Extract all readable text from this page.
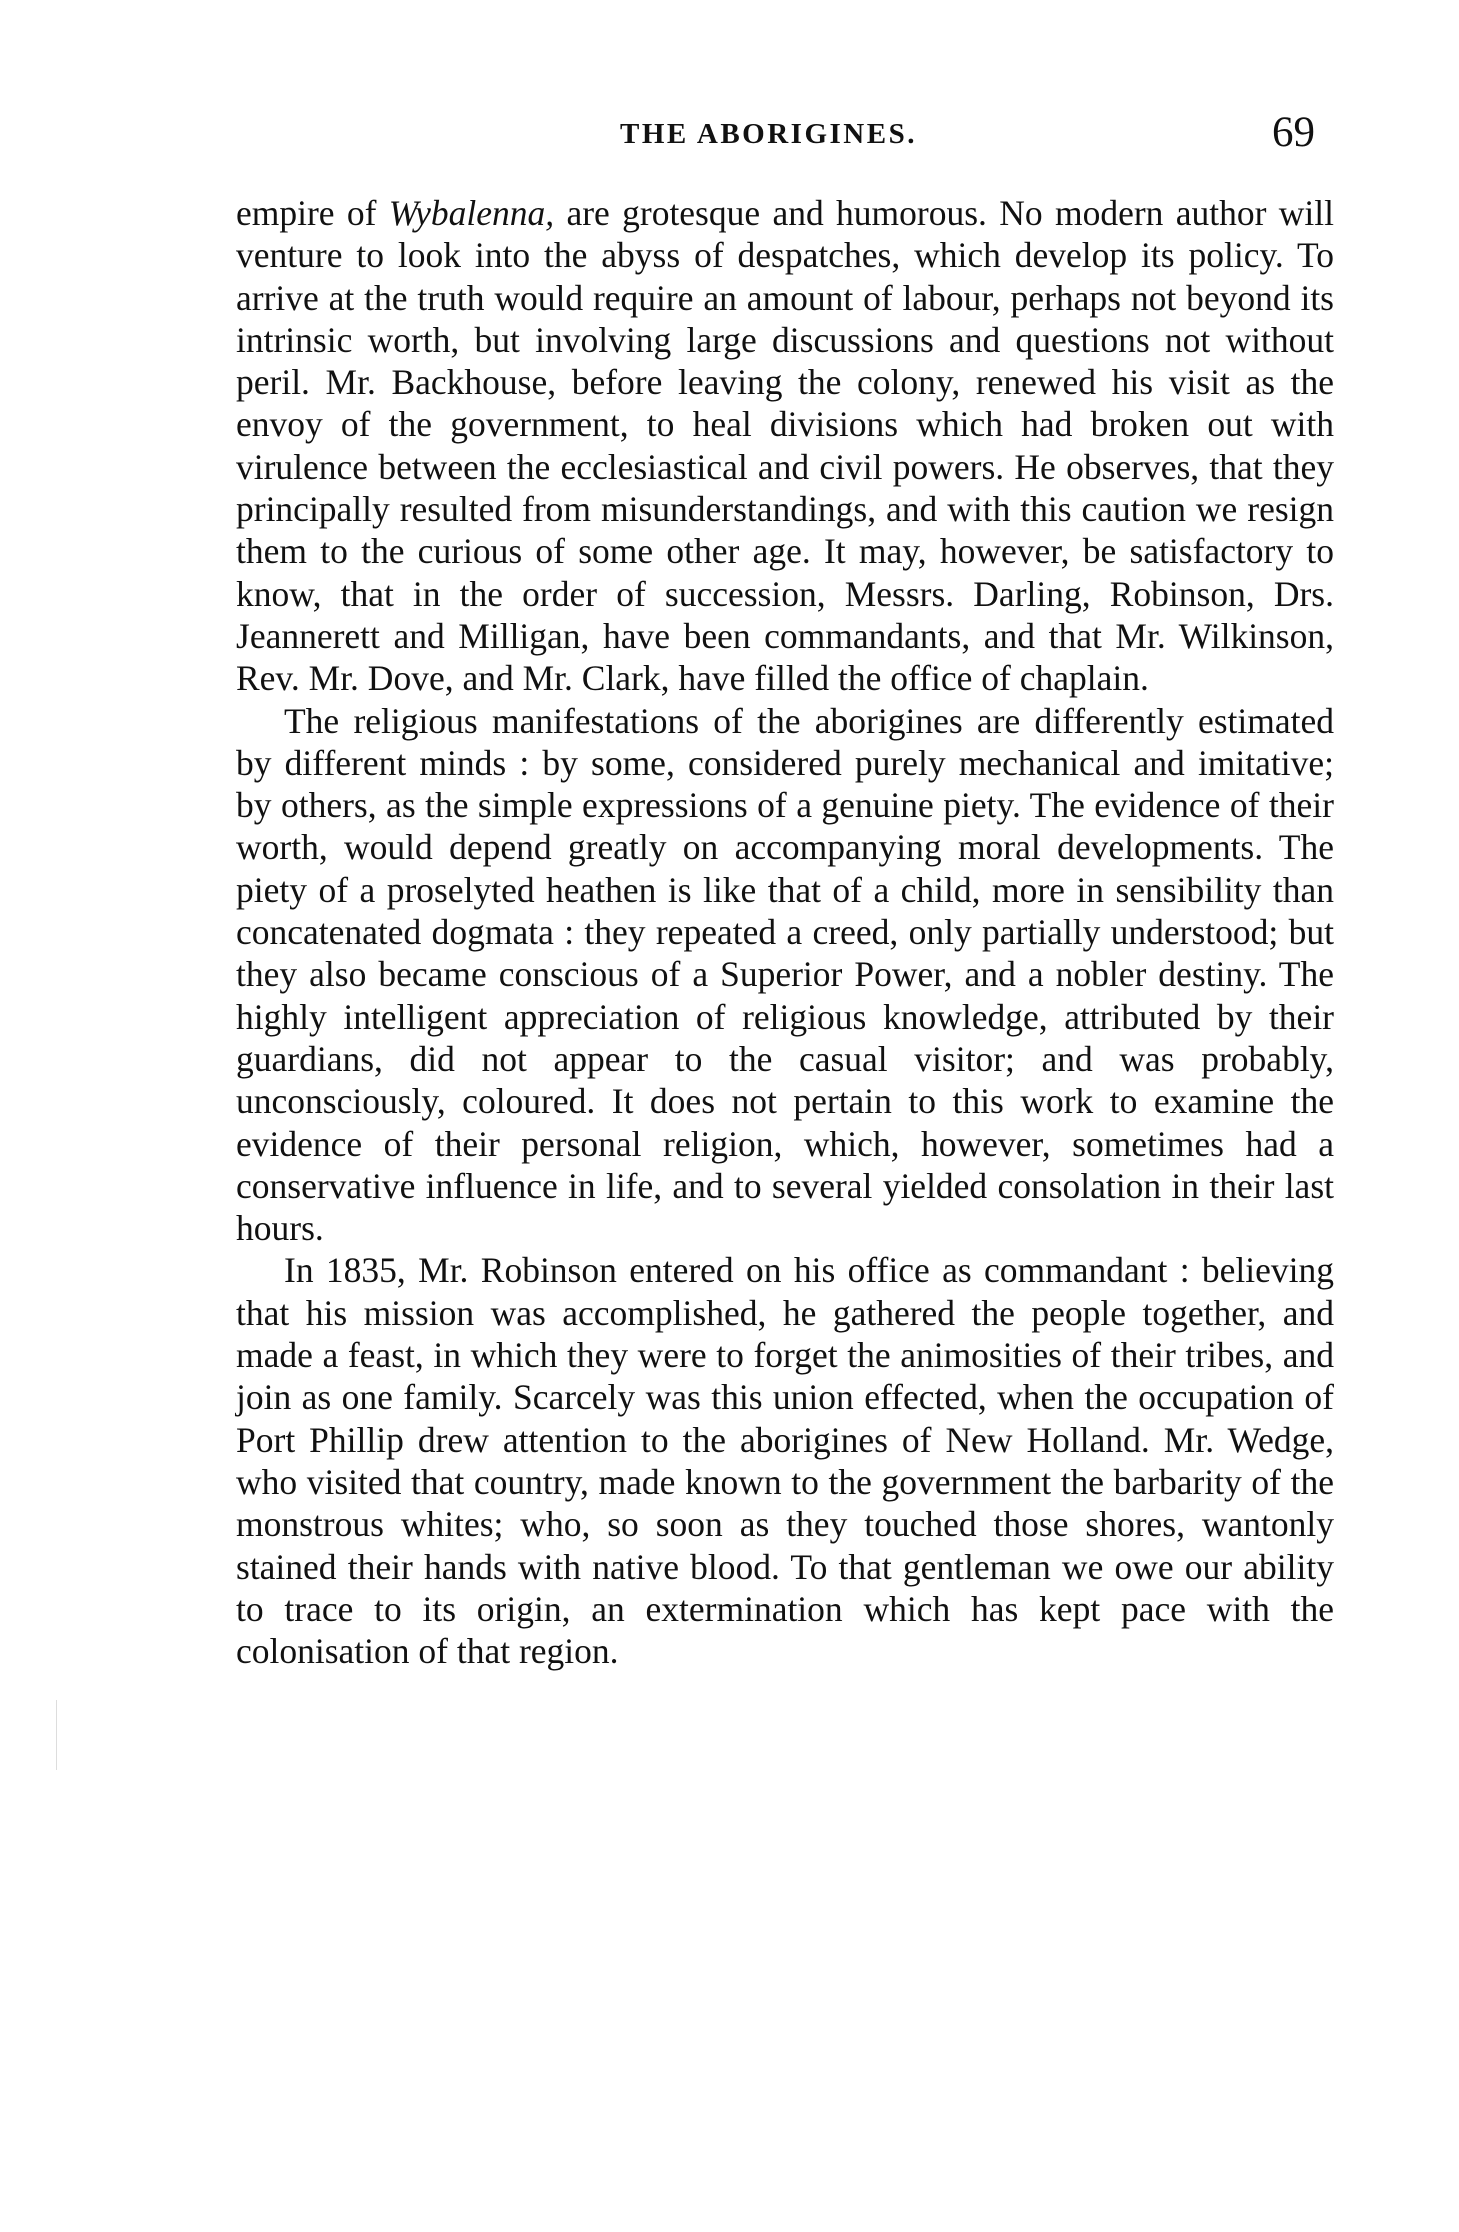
THE ABORIGINES.	69

empire of Wybalenna, are grotesque and humorous. No modern author will venture to look into the abyss of despatches, which develop its policy. To arrive at the truth would require an amount of labour, perhaps not beyond its intrinsic worth, but involving large discussions and questions not without peril. Mr. Backhouse, before leaving the colony, renewed his visit as the envoy of the government, to heal divisions which had broken out with virulence between the ecclesiastical and civil powers. He observes, that they principally resulted from misunderstandings, and with this caution we resign them to the curious of some other age. It may, however, be satisfactory to know, that in the order of succession, Messrs. Darling, Robinson, Drs. Jeannerett and Milligan, have been commandants, and that Mr. Wilkinson, Rev. Mr. Dove, and Mr. Clark, have filled the office of chaplain.

The religious manifestations of the aborigines are differently estimated by different minds : by some, considered purely mechanical and imitative; by others, as the simple expressions of a genuine piety. The evidence of their worth, would depend greatly on accompanying moral developments. The piety of a proselyted heathen is like that of a child, more in sensibility than concatenated dogmata : they repeated a creed, only partially understood; but they also became conscious of a Superior Power, and a nobler destiny. The highly intelligent appreciation of religious knowledge, attributed by their guardians, did not appear to the casual visitor; and was probably, unconsciously, coloured. It does not pertain to this work to examine the evidence of their personal religion, which, however, sometimes had a conservative influence in life, and to several yielded consolation in their last hours.

In 1835, Mr. Robinson entered on his office as commandant : believing that his mission was accomplished, he gathered the people together, and made a feast, in which they were to forget the animosities of their tribes, and join as one family. Scarcely was this union effected, when the occupation of Port Phillip drew attention to the aborigines of New Holland. Mr. Wedge, who visited that country, made known to the government the barbarity of the monstrous whites; who, so soon as they touched those shores, wantonly stained their hands with native blood. To that gentleman we owe our ability to trace to its origin, an extermination which has kept pace with the colonisation of that region.
